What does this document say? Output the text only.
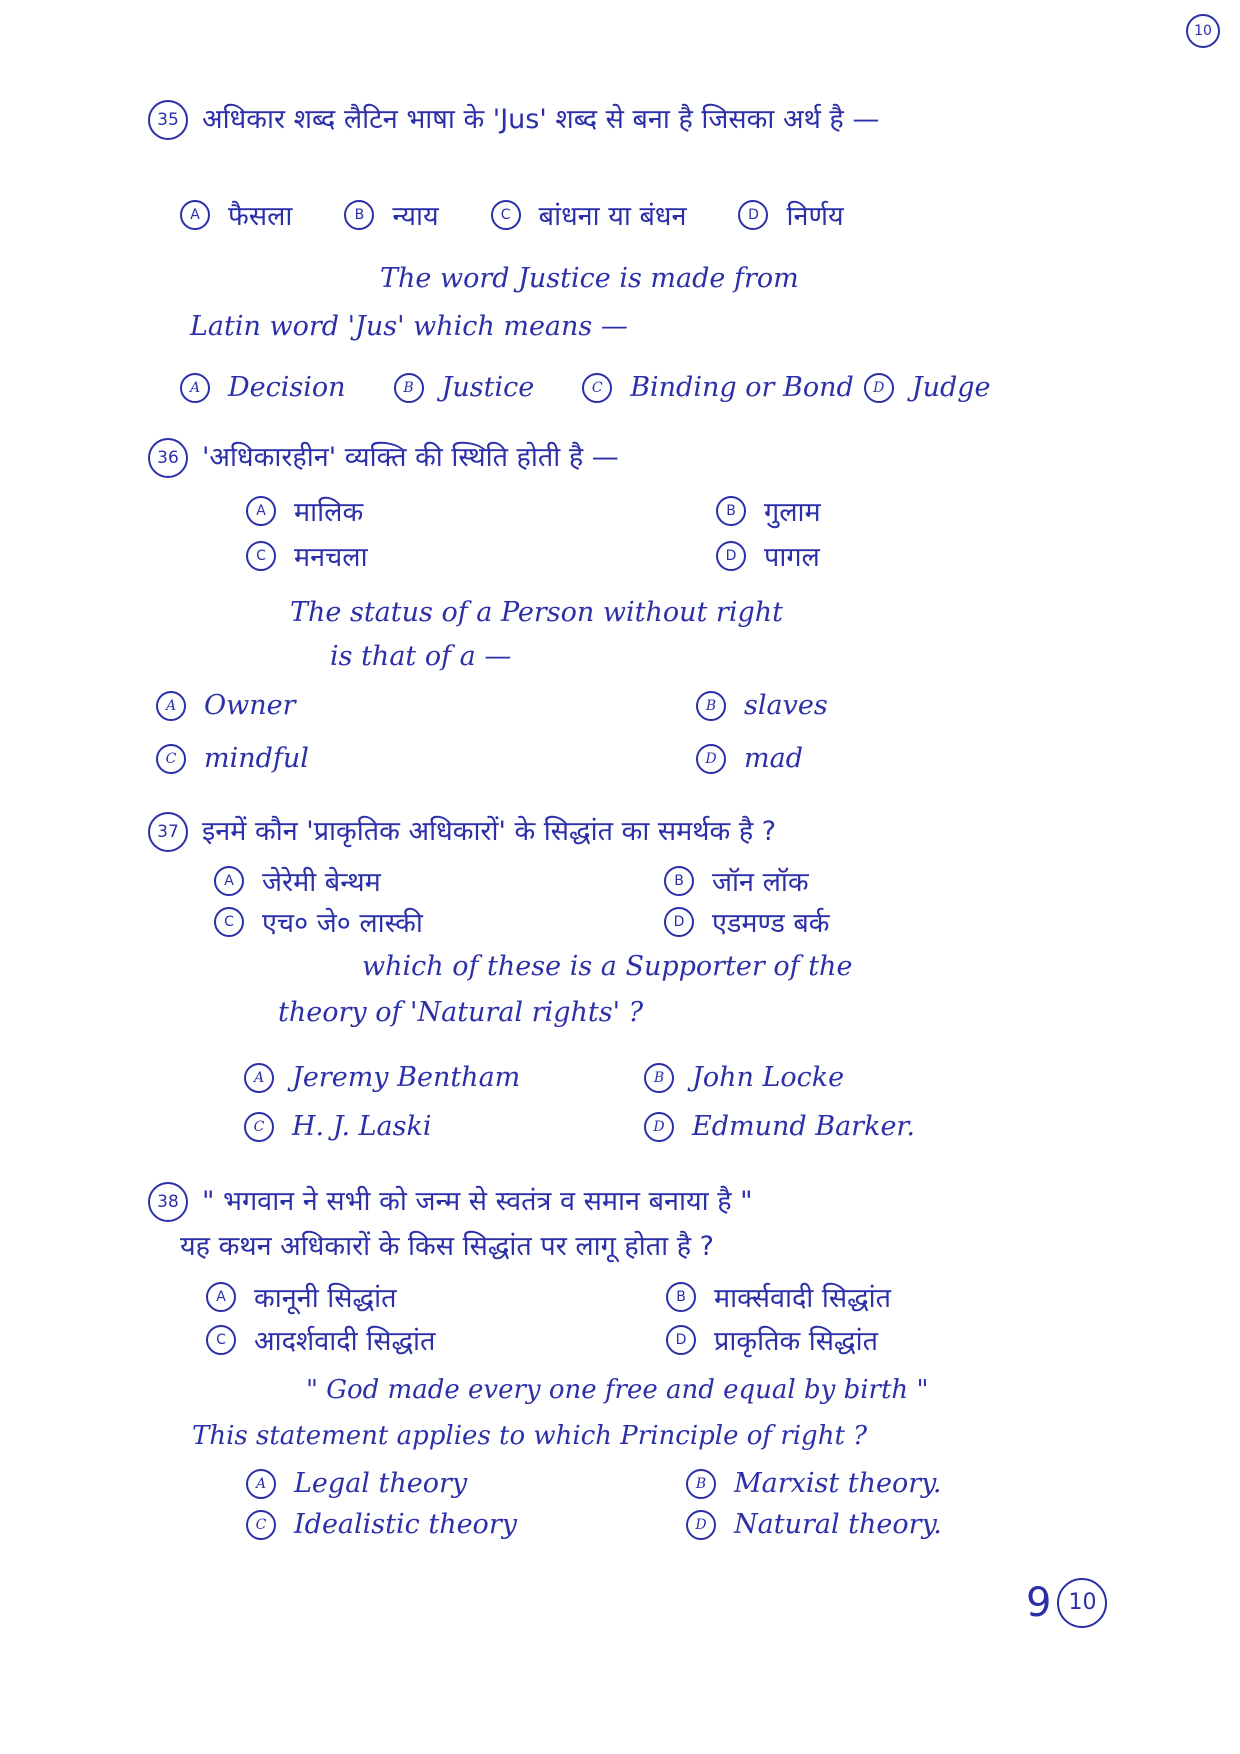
10
35 अधिकार शब्द लैटिन भाषा के 'Jus' शब्द से बना है जिसका अर्थ है —
A	फैसला	B	न्याय	C	बांधना या बंधन	D	निर्णय
The word Justice is made from
Latin word 'Jus' which means —
A	Decision	B	Justice	C	Binding or Bond	D	Judge
36 'अधिकारहीन' व्यक्ति की स्थिति होती है —
A	मालिक	B	गुलाम
C	मनचला	D	पागल
The status of a Person without right
is that of a —
A	Owner	B	slaves
C	mindful	D	mad
37 इनमें कौन 'प्राकृतिक अधिकारों' के सिद्धांत का समर्थक है ?
A	जेरेमी बेन्थम	B	जॉन लॉक
C	एच० जे० लास्की	D	एडमण्ड बर्क
which of these is a Supporter of the
theory of 'Natural rights' ?
A	Jeremy Bentham	B	John Locke
C	H. J. Laski	D	Edmund Barker.
38 " भगवान ने सभी को जन्म से स्वतंत्र व समान बनाया है "
यह कथन अधिकारों के किस सिद्धांत पर लागू होता है ?
A	कानूनी सिद्धांत	B	मार्क्सवादी सिद्धांत
C	आदर्शवादी सिद्धांत	D	प्राकृतिक सिद्धांत
" God made every one free and equal by birth "
This statement applies to which Principle of right ?
A	Legal theory	B	Marxist theory.
C	Idealistic theory	D	Natural theory.
9 10
